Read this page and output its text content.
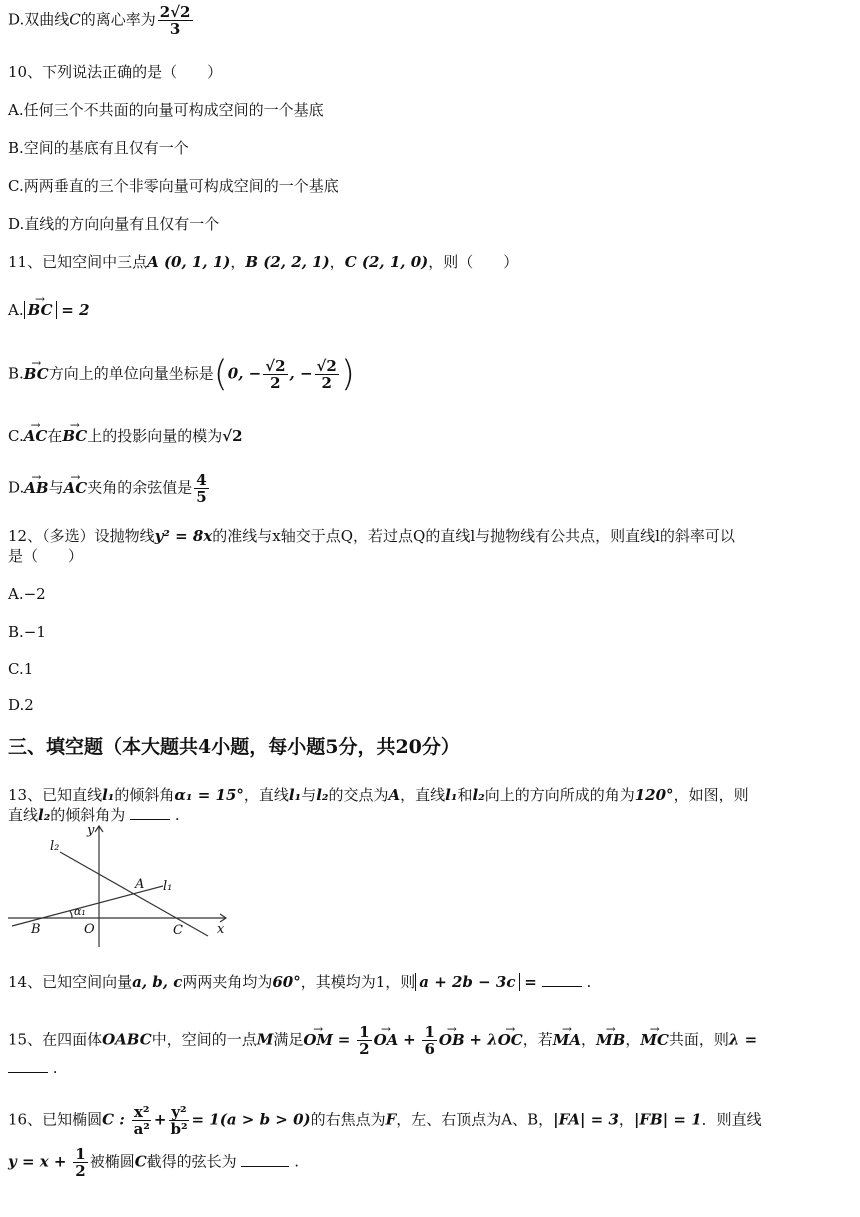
D.双曲线C的离心率为 $\frac{2√2}{3}$
10、下列说法正确的是（　　）
A.任何三个不共面的向量可构成空间的一个基底
B.空间的基底有且仅有一个
C.两两垂直的三个非零向量可构成空间的一个基底
D.直线的方向向量有且仅有一个
11、已知空间中三点A (0, 1, 1)，B (2, 2, 1)，C (2, 1, 0)，则（　　）
A. → BC = 2
B.→ BC方向上的单位向量坐标是(0, − $\frac{√2}{2}$ , − $\frac{√2}{2}$ )
C.→ AC在→ BC上的投影向量的模为√2
D.→ AB与→ AC夹角的余弦值是 $\frac{4}{5}$
12、（多选）设抛物线y² = 8x的准线与x轴交于点Q，若过点Q的直线l与抛物线有公共点，则直线l的斜率可以
是（　　）
A.−2
B.−1
C.1
D.2
三、填空题（本大题共4小题，每小题5分，共20分）
13、已知直线l₁的倾斜角α₁ = 15°，直线l₁与l₂的交点为A，直线l₁和l₂向上的方向所成的角为120°，如图，则
直线l₂的倾斜角为	.
l₂
y
A l₁
α₁
B	O	C	x
14、已知空间向量a, b, c两两夹角均为60°，其模均为1，则 a + 2b − 3c =	.
15、在四面体OABC中，空间的一点M满足→ OM = $\frac{1}{2}$ → OA + $\frac{1}{6}$ → OB + λ→ OC，若→ MA，→ MB，→ MC共面，则λ =
.
16、已知椭圆C : $\frac{\text{x²}}{\text{a²}} + \frac{\text{y²}}{\text{b²}} = 1(a > b > 0)$的右焦点为F，左、右顶点为A、B，|FA| = 3，|FB| = 1．则直线
$y = x + \frac{1}{2}$ 被椭圆C截得的弦长为	.
